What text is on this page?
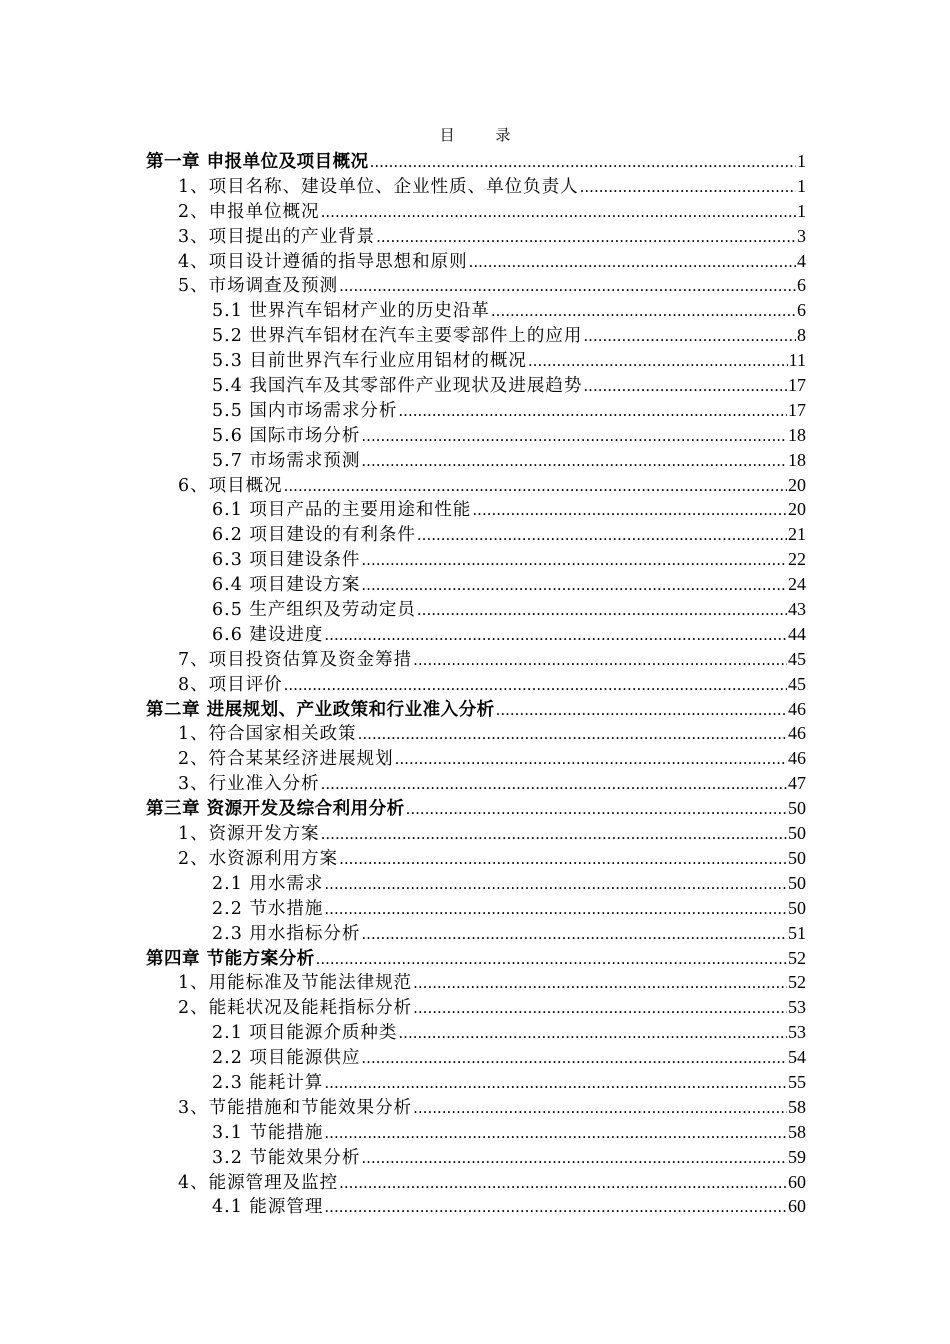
目 录
第一章 申报单位及项目概况 .....	1
1、项目名称、建设单位、企业性质、单位负责人 .....	1
2、申报单位概况 .....	1
3、项目提出的产业背景 .....	3
4、项目设计遵循的指导思想和原则 .....	4
5、市场调查及预测 .....	6
5.1 世界汽车铝材产业的历史沿革 .....	6
5.2 世界汽车铝材在汽车主要零部件上的应用 .....	8
5.3 目前世界汽车行业应用铝材的概况 .....	11
5.4 我国汽车及其零部件产业现状及进展趋势 .....	17
5.5 国内市场需求分析 .....	17
5.6 国际市场分析 .....	18
5.7 市场需求预测 .....	18
6、项目概况 .....	20
6.1 项目产品的主要用途和性能 .....	20
6.2 项目建设的有利条件 .....	21
6.3 项目建设条件 .....	22
6.4 项目建设方案 .....	24
6.5 生产组织及劳动定员 .....	43
6.6 建设进度 .....	44
7、项目投资估算及资金筹措 .....	45
8、项目评价 .....	45
第二章 进展规划、产业政策和行业准入分析 .....	46
1、符合国家相关政策 .....	46
2、符合某某经济进展规划 .....	46
3、行业准入分析 .....	47
第三章 资源开发及综合利用分析 .....	50
1、资源开发方案 .....	50
2、水资源利用方案 .....	50
2.1 用水需求 .....	50
2.2 节水措施 .....	50
2.3 用水指标分析 .....	51
第四章 节能方案分析 .....	52
1、用能标准及节能法律规范 .....	52
2、能耗状况及能耗指标分析 .....	53
2.1 项目能源介质种类 .....	53
2.2 项目能源供应 .....	54
2.3 能耗计算 .....	55
3、节能措施和节能效果分析 .....	58
3.1 节能措施 .....	58
3.2 节能效果分析 .....	59
4、能源管理及监控 .....	60
4.1 能源管理 .....	60
